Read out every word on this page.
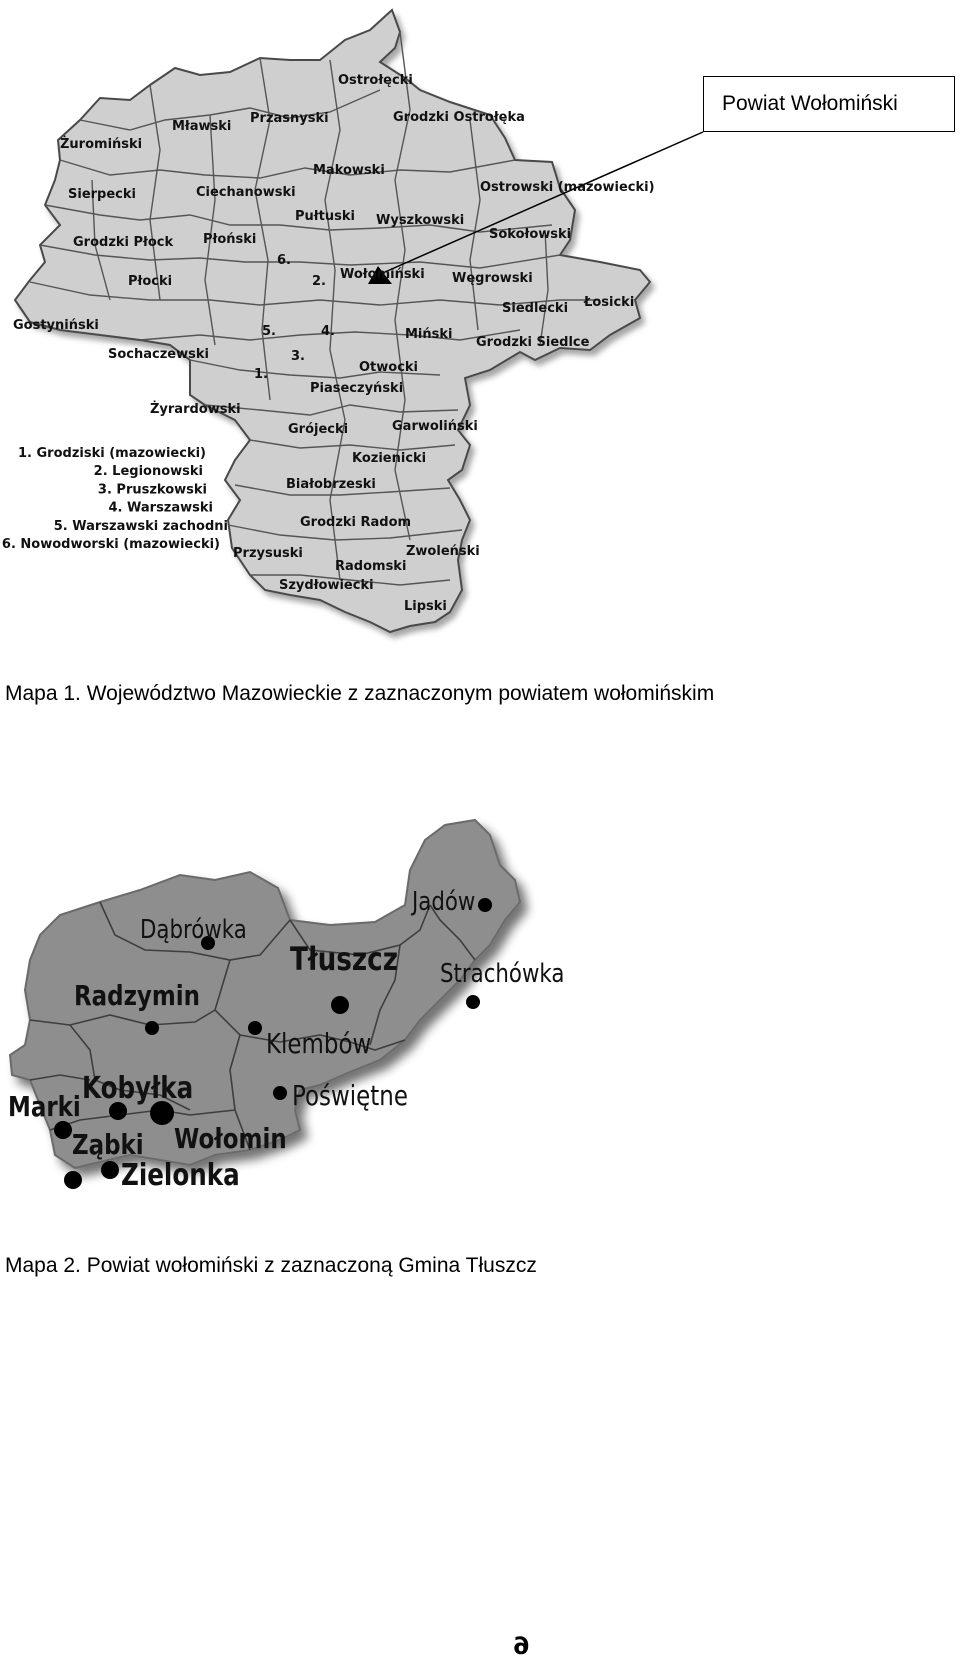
Ostrołęcki
Mławski
Przasnyski	Grodzki Ostrołęka
Żuromiński
Makowski
Ostrowski (mazowiecki)
Sierpecki	Ciechanowski
Pułtuski Wyszkowski
Sokołowski
Grodzki Płock Płoński
6.
2. Wołomiński Węgrowski
Płocki
Łosicki
Siedlecki
Gostyniński	5.	4.	Miński
Grodzki Siedlce
Sochaczewski	3.
1.	Otwocki
Piaseczyński
Żyrardowski
Grójecki	Garwoliński
Kozienicki
Białobrzeski
Grodzki Radom
Przysuski	Zwoleński
Radomski
Szydłowiecki
Lipski
1. Grodziski (mazowiecki)
2. Legionowski
3. Pruszkowski
4. Warszawski
5. Warszawski zachodni
6. Nowodworski (mazowiecki)
Powiat Wołomiński
Mapa 1. Województwo Mazowieckie z zaznaczonym powiatem wołomińskim
Dąbrówka
Jadów
Tłuszcz Strachówka
Radzymin
Klembów
Kobyłka	Poświętne
Marki
Wołomin
Ząbki
Zielonka
Mapa 2. Powiat wołomiński z zaznaczoną Gmina Tłuszcz
6
